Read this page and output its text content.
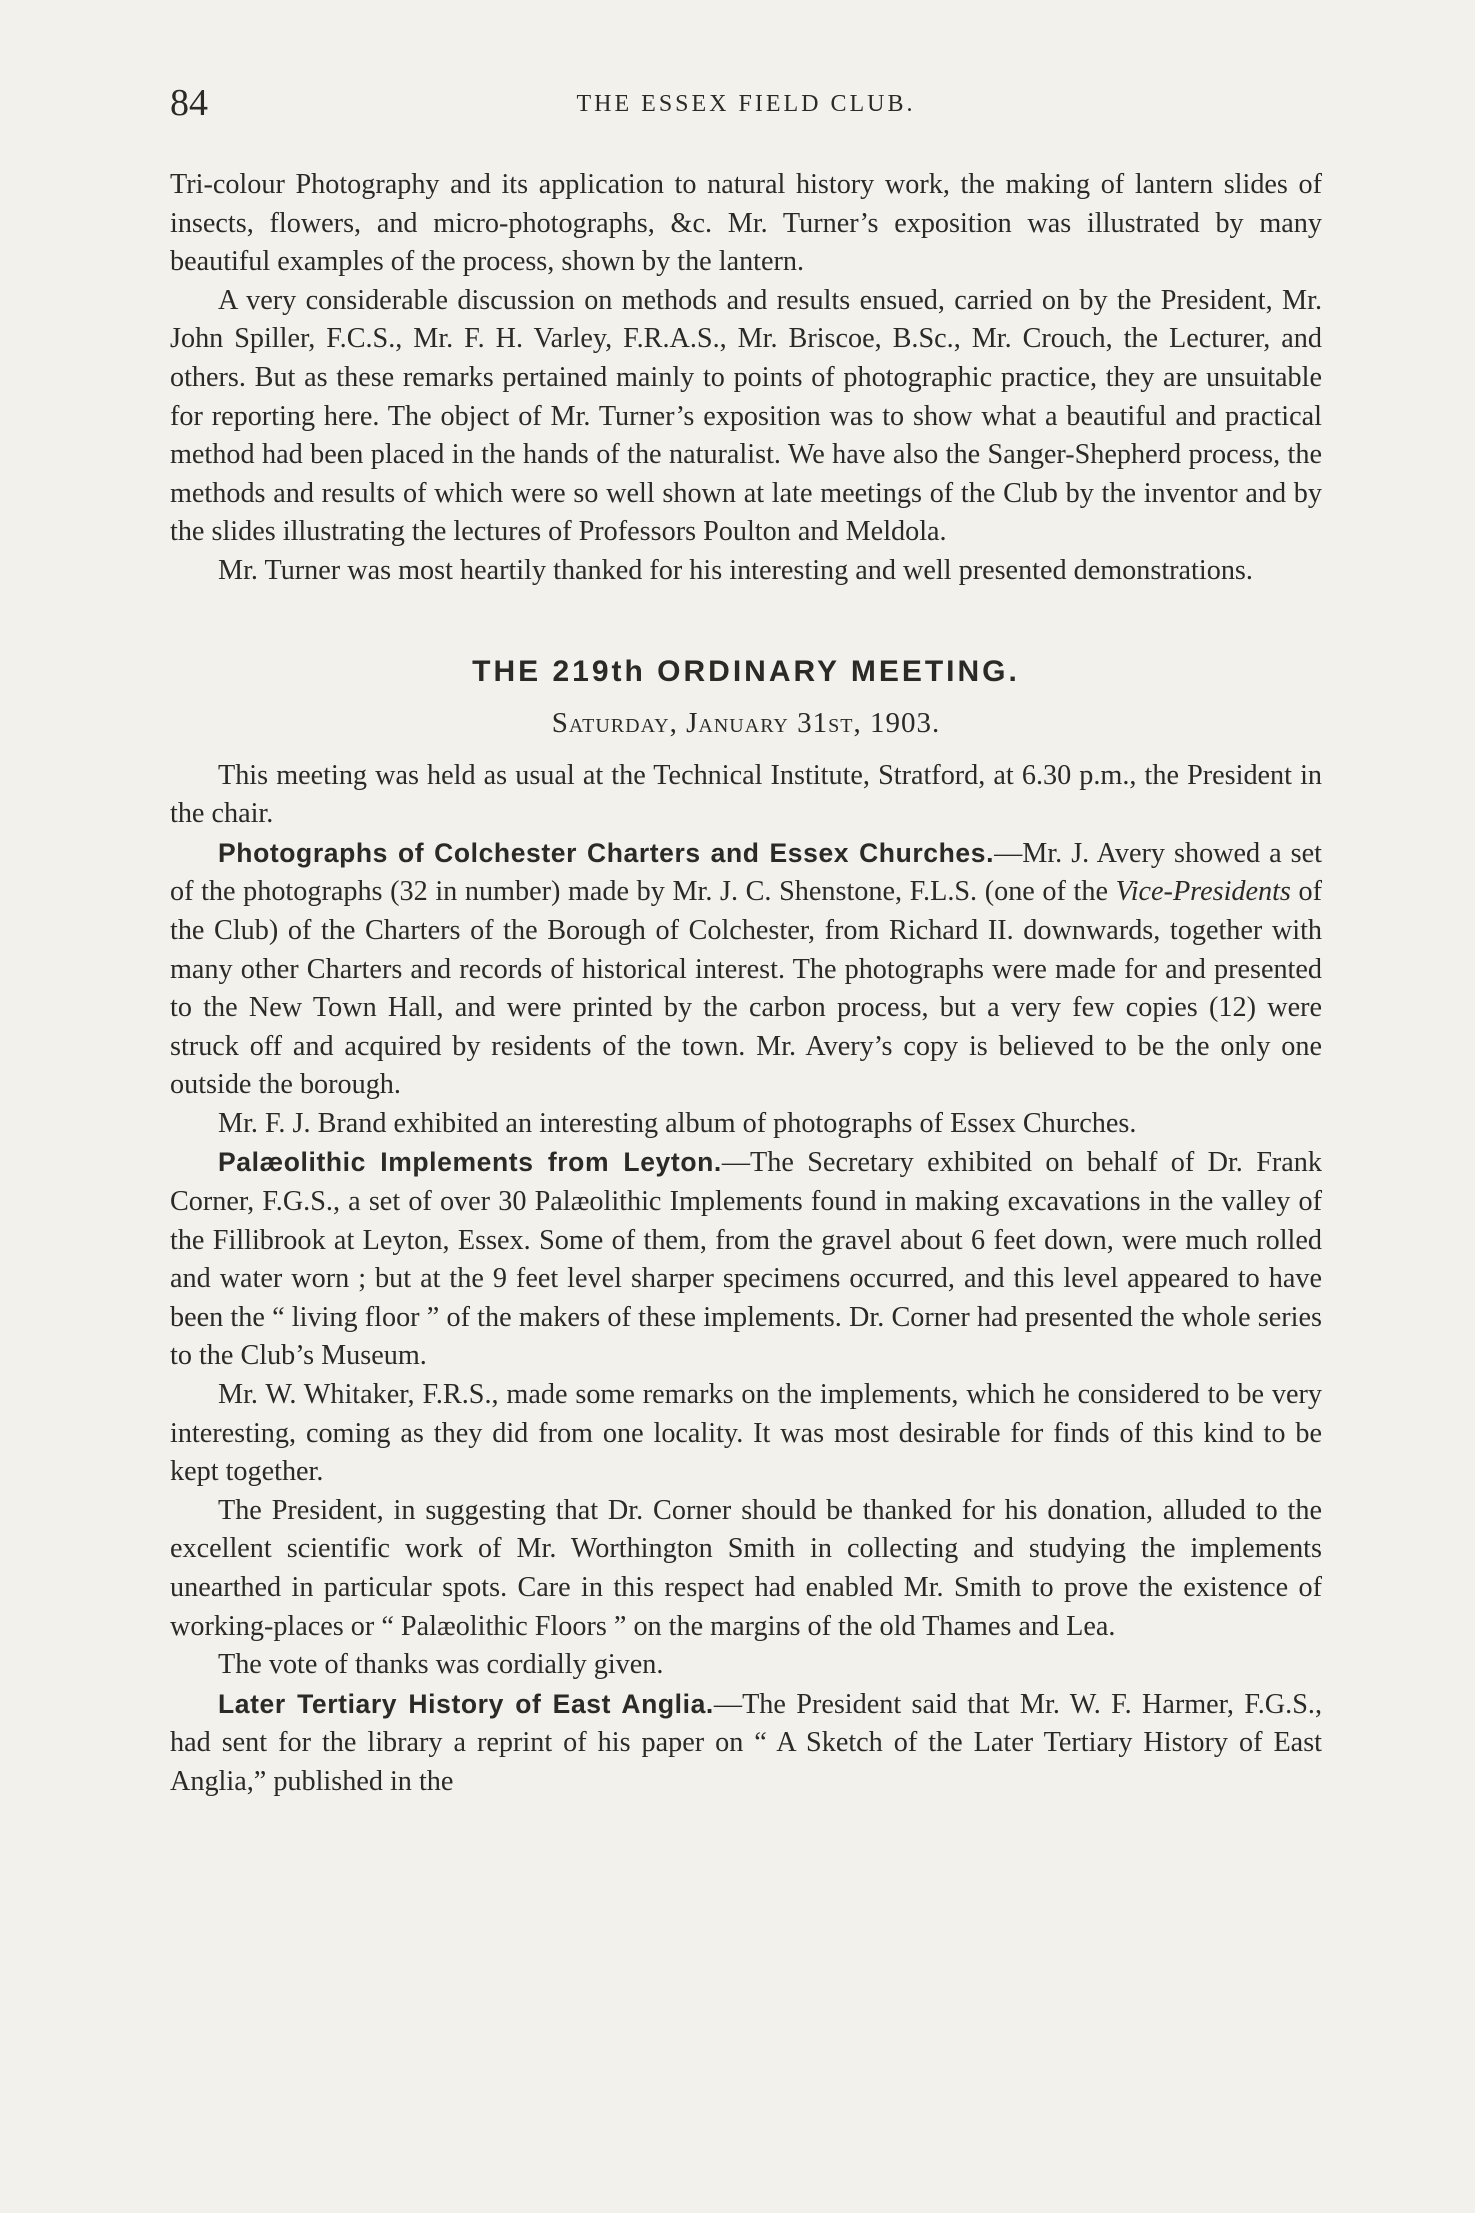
84	THE ESSEX FIELD CLUB.

Tri-colour Photography and its application to natural history work, the making of lantern slides of insects, flowers, and micro-photographs, &c. Mr. Turner’s exposition was illustrated by many beautiful examples of the process, shown by the lantern.

A very considerable discussion on methods and results ensued, carried on by the President, Mr. John Spiller, F.C.S., Mr. F. H. Varley, F.R.A.S., Mr. Briscoe, B.Sc., Mr. Crouch, the Lecturer, and others. But as these remarks pertained mainly to points of photographic practice, they are unsuitable for reporting here. The object of Mr. Turner’s exposition was to show what a beautiful and practical method had been placed in the hands of the naturalist. We have also the Sanger-Shepherd process, the methods and results of which were so well shown at late meetings of the Club by the inventor and by the slides illustrating the lectures of Professors Poulton and Meldola.

Mr. Turner was most heartily thanked for his interesting and well presented demonstrations.

THE 219th ORDINARY MEETING.
Saturday, January 31st, 1903.

This meeting was held as usual at the Technical Institute, Stratford, at 6.30 p.m., the President in the chair.

Photographs of Colchester Charters and Essex Churches.—Mr. J. Avery showed a set of the photographs (32 in number) made by Mr. J. C. Shenstone, F.L.S. (one of the Vice-Presidents of the Club) of the Charters of the Borough of Colchester, from Richard II. downwards, together with many other Charters and records of historical interest. The photographs were made for and presented to the New Town Hall, and were printed by the carbon process, but a very few copies (12) were struck off and acquired by residents of the town. Mr. Avery’s copy is believed to be the only one outside the borough.

Mr. F. J. Brand exhibited an interesting album of photographs of Essex Churches.

Palæolithic Implements from Leyton.—The Secretary exhibited on behalf of Dr. Frank Corner, F.G.S., a set of over 30 Palæolithic Implements found in making excavations in the valley of the Fillibrook at Leyton, Essex. Some of them, from the gravel about 6 feet down, were much rolled and water worn ; but at the 9 feet level sharper specimens occurred, and this level appeared to have been the “ living floor ” of the makers of these implements. Dr. Corner had presented the whole series to the Club’s Museum.

Mr. W. Whitaker, F.R.S., made some remarks on the implements, which he considered to be very interesting, coming as they did from one locality. It was most desirable for finds of this kind to be kept together.

The President, in suggesting that Dr. Corner should be thanked for his donation, alluded to the excellent scientific work of Mr. Worthington Smith in collecting and studying the implements unearthed in particular spots. Care in this respect had enabled Mr. Smith to prove the existence of working-places or “ Palæolithic Floors ” on the margins of the old Thames and Lea.

The vote of thanks was cordially given.

Later Tertiary History of East Anglia.—The President said that Mr. W. F. Harmer, F.G.S., had sent for the library a reprint of his paper on “ A Sketch of the Later Tertiary History of East Anglia,” published in the
